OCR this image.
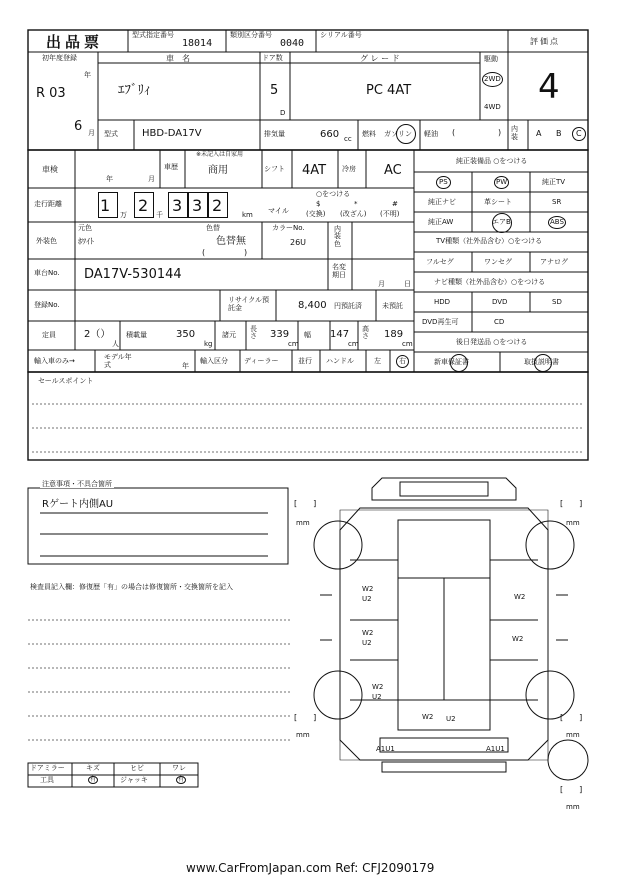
出品票	型式指定番号
18014
類別区分番号
0040
シリアル番号
評価点
4
初年度登録
年
R 03
6 月
車　名
ｴﾌﾞﾘｨ
ドア数
5
D
グ レ ー ド
PC 4AT
駆動
2WD
4WD
型式 HBD-DA17V	排気量	660 cc
燃料 ガソリン 軽油 (	) 内装	A B	C
車検
年	月
車歴
※未記入は自家用
商用	シフト 4AT 冷房 AC
走行距離 1 万 2 千 3 3 2	km
○をつける
マイル
$
(交換)
*
(改ざん)
#
(不明)
外装色
元色
ﾎﾜｲﾄ
色替
色替無
(	)
カラーNo.
26U
内装色
車台No. DA17V-530144	名変期日
月	日
登録No.
リサイクル預託金	8,400 円預託済	未預託
定員	2（）
人
積載量	350
kg
諸元
長さ 339
cm
幅 147
cm
高さ 189
cm
輸入車のみ→	モデル年式	年
輸入区分 ディーラー	並行 ハンドル	左	右
純正装備品 ○をつける
PS	PW	純正TV
純正ナビ	革シート	SR
純正AW	エアB	ABS
TV種類（社外品含む）○をつける
フルセグ	ワンセグ	アナログ
ナビ種類（社外品含む）○をつける
HDD	DVD	SD
DVD再生可	CD
後日発送品 ○をつける
新車保証書	取扱説明書
セールスポイント
注意事項・不具合箇所
Rゲート内側AU
検査員記入欄：修復歴「有」の場合は修復箇所・交換箇所を記入
ドアミラー	キズ	ヒビ	ワレ
工具	有	ジャッキ	有
mm	mm
mm	mm
mm
[　　]	[　　]
[　　]	[　　]
[　　]
W2
U2	W2
W2
U2	W2
W2
U2
W2 U2
A1U1	A1U1
www.CarFromJapan.com Ref: CFJ2090179
